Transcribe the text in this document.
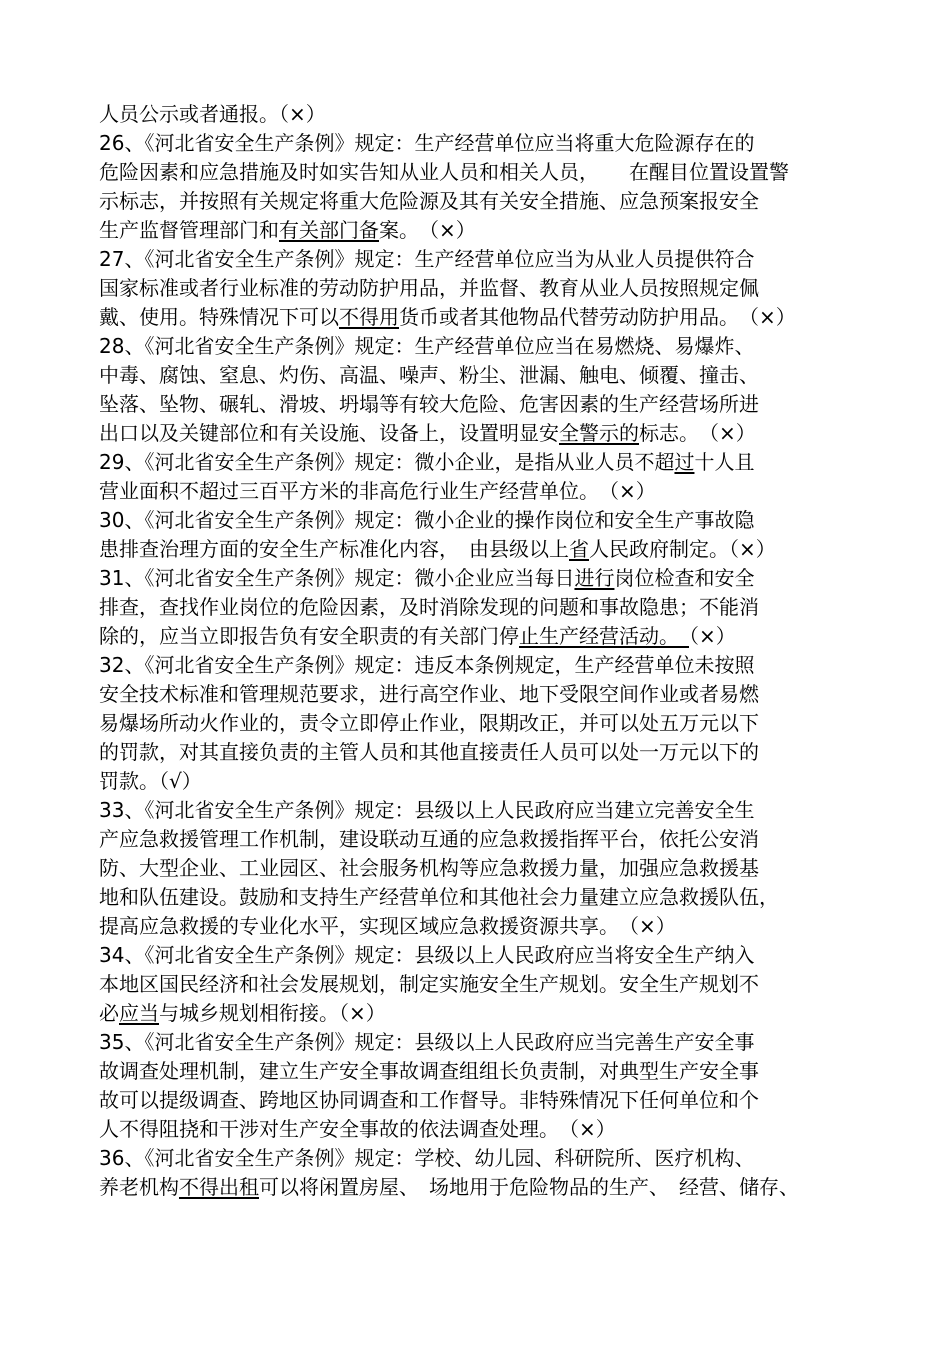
人员公示或者通报。（×）
26、《河北省安全生产条例》规定：生产经营单位应当将重大危险源存在的
危险因素和应急措施及时如实告知从业人员和相关人员，　　在醒目位置设置警
示标志，并按照有关规定将重大危险源及其有关安全措施、应急预案报安全
生产监督管理部门和有关部门备案。　（×）
27、《河北省安全生产条例》规定：生产经营单位应当为从业人员提供符合
国家标准或者行业标准的劳动防护用品，并监督、教育从业人员按照规定佩
戴、使用。特殊情况下可以不得用货币或者其他物品代替劳动防护用品。　（×）
28、《河北省安全生产条例》规定：生产经营单位应当在易燃烧、易爆炸、
中毒、腐蚀、窒息、灼伤、高温、噪声、粉尘、泄漏、触电、倾覆、撞击、
坠落、坠物、碾轧、滑坡、坍塌等有较大危险、危害因素的生产经营场所进
出口以及关键部位和有关设施、设备上，设置明显安全警示的标志。　（×）
29、《河北省安全生产条例》规定：微小企业，是指从业人员不超过十人且
营业面积不超过三百平方米的非高危行业生产经营单位。　（×）
30、《河北省安全生产条例》规定：微小企业的操作岗位和安全生产事故隐
患排查治理方面的安全生产标准化内容，　由县级以上省人民政府制定。（×）
31、《河北省安全生产条例》规定：微小企业应当每日进行岗位检查和安全
排查，查找作业岗位的危险因素，及时消除发现的问题和事故隐患；不能消
除的，应当立即报告负有安全职责的有关部门停止生产经营活动。　（×）
32、《河北省安全生产条例》规定：违反本条例规定，生产经营单位未按照
安全技术标准和管理规范要求，进行高空作业、地下受限空间作业或者易燃
易爆场所动火作业的，责令立即停止作业，限期改正，并可以处五万元以下
的罚款，对其直接负责的主管人员和其他直接责任人员可以处一万元以下的
罚款。（√）
33、《河北省安全生产条例》规定：县级以上人民政府应当建立完善安全生
产应急救援管理工作机制，建设联动互通的应急救援指挥平台，依托公安消
防、大型企业、工业园区、社会服务机构等应急救援力量，加强应急救援基
地和队伍建设。鼓励和支持生产经营单位和其他社会力量建立应急救援队伍，
提高应急救援的专业化水平，实现区域应急救援资源共享。　（×）
34、《河北省安全生产条例》规定：县级以上人民政府应当将安全生产纳入
本地区国民经济和社会发展规划，制定实施安全生产规划。安全生产规划不
必应当与城乡规划相衔接。（×）
35、《河北省安全生产条例》规定：县级以上人民政府应当完善生产安全事
故调查处理机制，建立生产安全事故调查组组长负责制，对典型生产安全事
故可以提级调查、跨地区协同调查和工作督导。非特殊情况下任何单位和个
人不得阻挠和干涉对生产安全事故的依法调查处理。　（×）
36、《河北省安全生产条例》规定：学校、幼儿园、科研院所、医疗机构、
养老机构不得出租可以将闲置房屋、　场地用于危险物品的生产、　经营、储存、
